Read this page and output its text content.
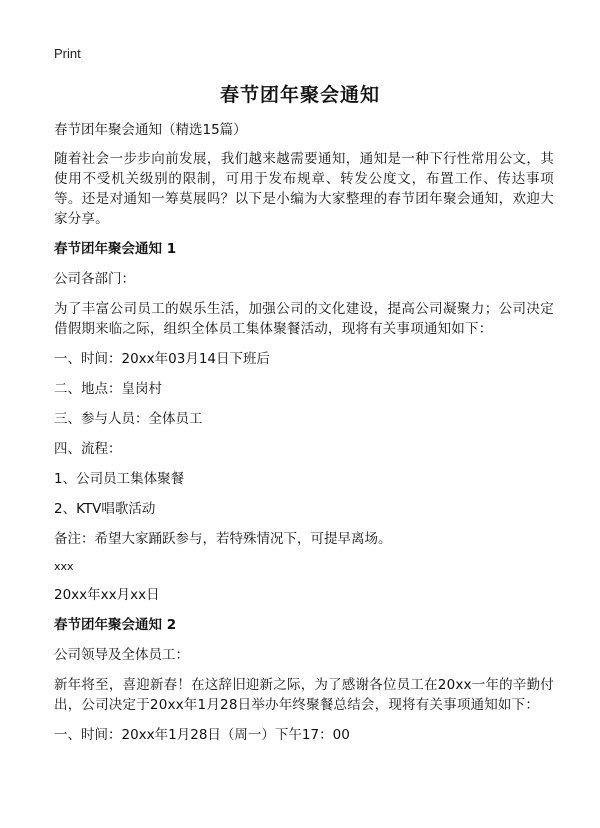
Print
春节团年聚会通知

春节团年聚会通知（精选15篇）

随着社会一步步向前发展，我们越来越需要通知，通知是一种下行性常用公文，其使用不受机关级别的限制，可用于发布规章、转发公度文，布置工作、传达事项等。还是对通知一筹莫展吗？以下是小编为大家整理的春节团年聚会通知，欢迎大家分享。

春节团年聚会通知 1

公司各部门：

为了丰富公司员工的娱乐生活，加强公司的文化建设，提高公司凝聚力；公司决定借假期来临之际，组织全体员工集体聚餐活动，现将有关事项通知如下：

一、时间：20xx年03月14日下班后

二、地点：皇岗村

三、参与人员：全体员工

四、流程：

1、公司员工集体聚餐

2、KTV唱歌活动

备注：希望大家踊跃参与，若特殊情况下，可提早离场。

xxx

20xx年xx月xx日

春节团年聚会通知 2

公司领导及全体员工：

新年将至，喜迎新春！在这辞旧迎新之际，为了感谢各位员工在20xx一年的辛勤付出，公司决定于20xx年1月28日举办年终聚餐总结会，现将有关事项通知如下：

一、时间：20xx年1月28日（周一）下午17：00
